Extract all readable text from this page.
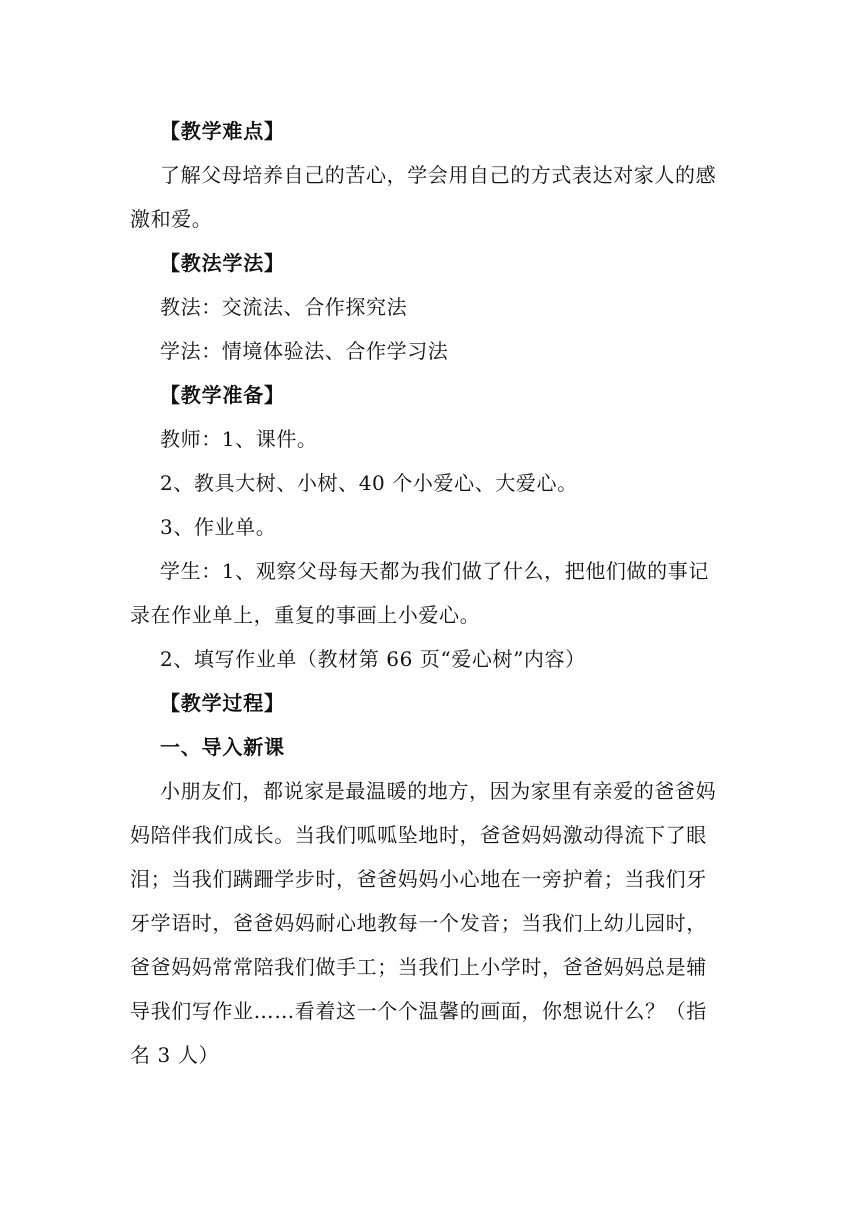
【教学难点】
了解父母培养自己的苦心，学会用自己的方式表达对家人的感
激和爱。
【教法学法】
教法：交流法、合作探究法
学法：情境体验法、合作学习法
【教学准备】
教师：1、课件。
2、教具大树、小树、40 个小爱心、大爱心。
3、作业单。
学生：1、观察父母每天都为我们做了什么，把他们做的事记
录在作业单上，重复的事画上小爱心。
2、填写作业单（教材第 66 页“爱心树”内容）
【教学过程】
一、导入新课
小朋友们，都说家是最温暖的地方，因为家里有亲爱的爸爸妈
妈陪伴我们成长。当我们呱呱坠地时，爸爸妈妈激动得流下了眼
泪；当我们蹒跚学步时，爸爸妈妈小心地在一旁护着；当我们牙
牙学语时，爸爸妈妈耐心地教每一个发音；当我们上幼儿园时，
爸爸妈妈常常陪我们做手工；当我们上小学时，爸爸妈妈总是辅
导我们写作业……看着这一个个温馨的画面，你想说什么？（指
名 3 人）
